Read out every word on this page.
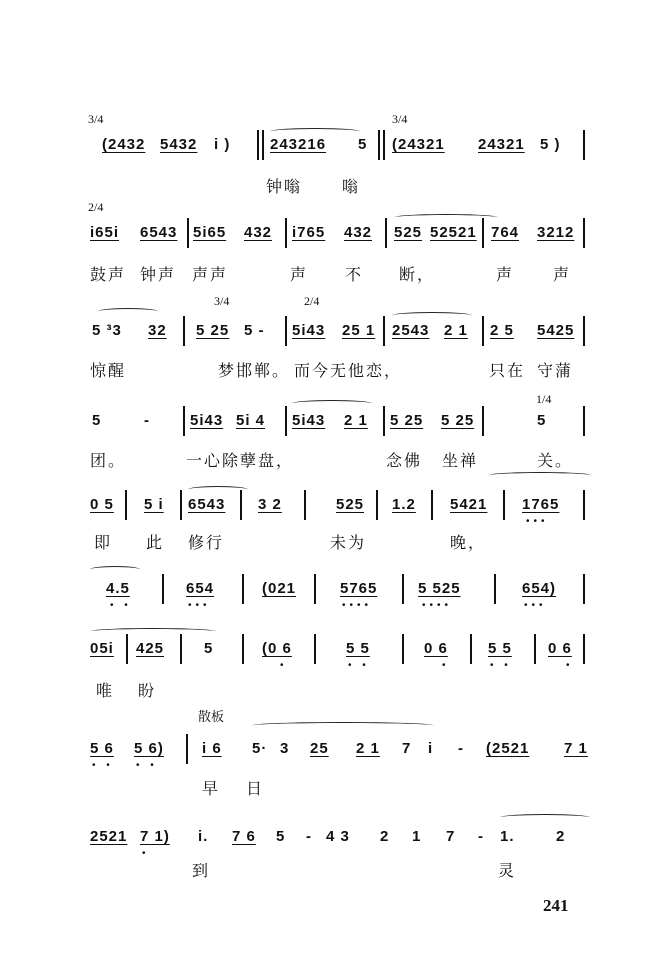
3/4	3/4
(2432 5432 i )	243216 5 (24321 24321 5 )
钟嗡 嗡
2/4
i65i 6543 5i65 432 i765 432 525 52521 764 3212
鼓声 钟声 声声	声 不 断，	声 声
3/4	2/4
5 ³3 32 5 25 5 - 5i43 25 1 2543 2 1 2 5 5425
惊醒	梦邯郸。 而今无他恋，	只在 守蒲
1/4
5	-	5i43 5i 4 5i43 2 1 5 25 5 25	5
团。	一心除孽盘，	念佛 坐禅	关。
0 5 5 i 6543 3 2	525 1.2 5421 1765
•••
即 此 修行	未为	晚，
4.5
• •
654
•••
(021	5765
••••
5 525
••••
654)
•••
05i 425	5	(0 6
•
5 5
• •
0 6
•
5 5
• •
0 6
•
唯 盼
散板
5 6
• •
5 6)
• •
i 6 5· 3 25 2 1 7 i - (2521 7 1
早 日
2521 7 1)
•
i. 7 6 5 - 4 3 2 1 7 - 1.	2
到	灵
241
